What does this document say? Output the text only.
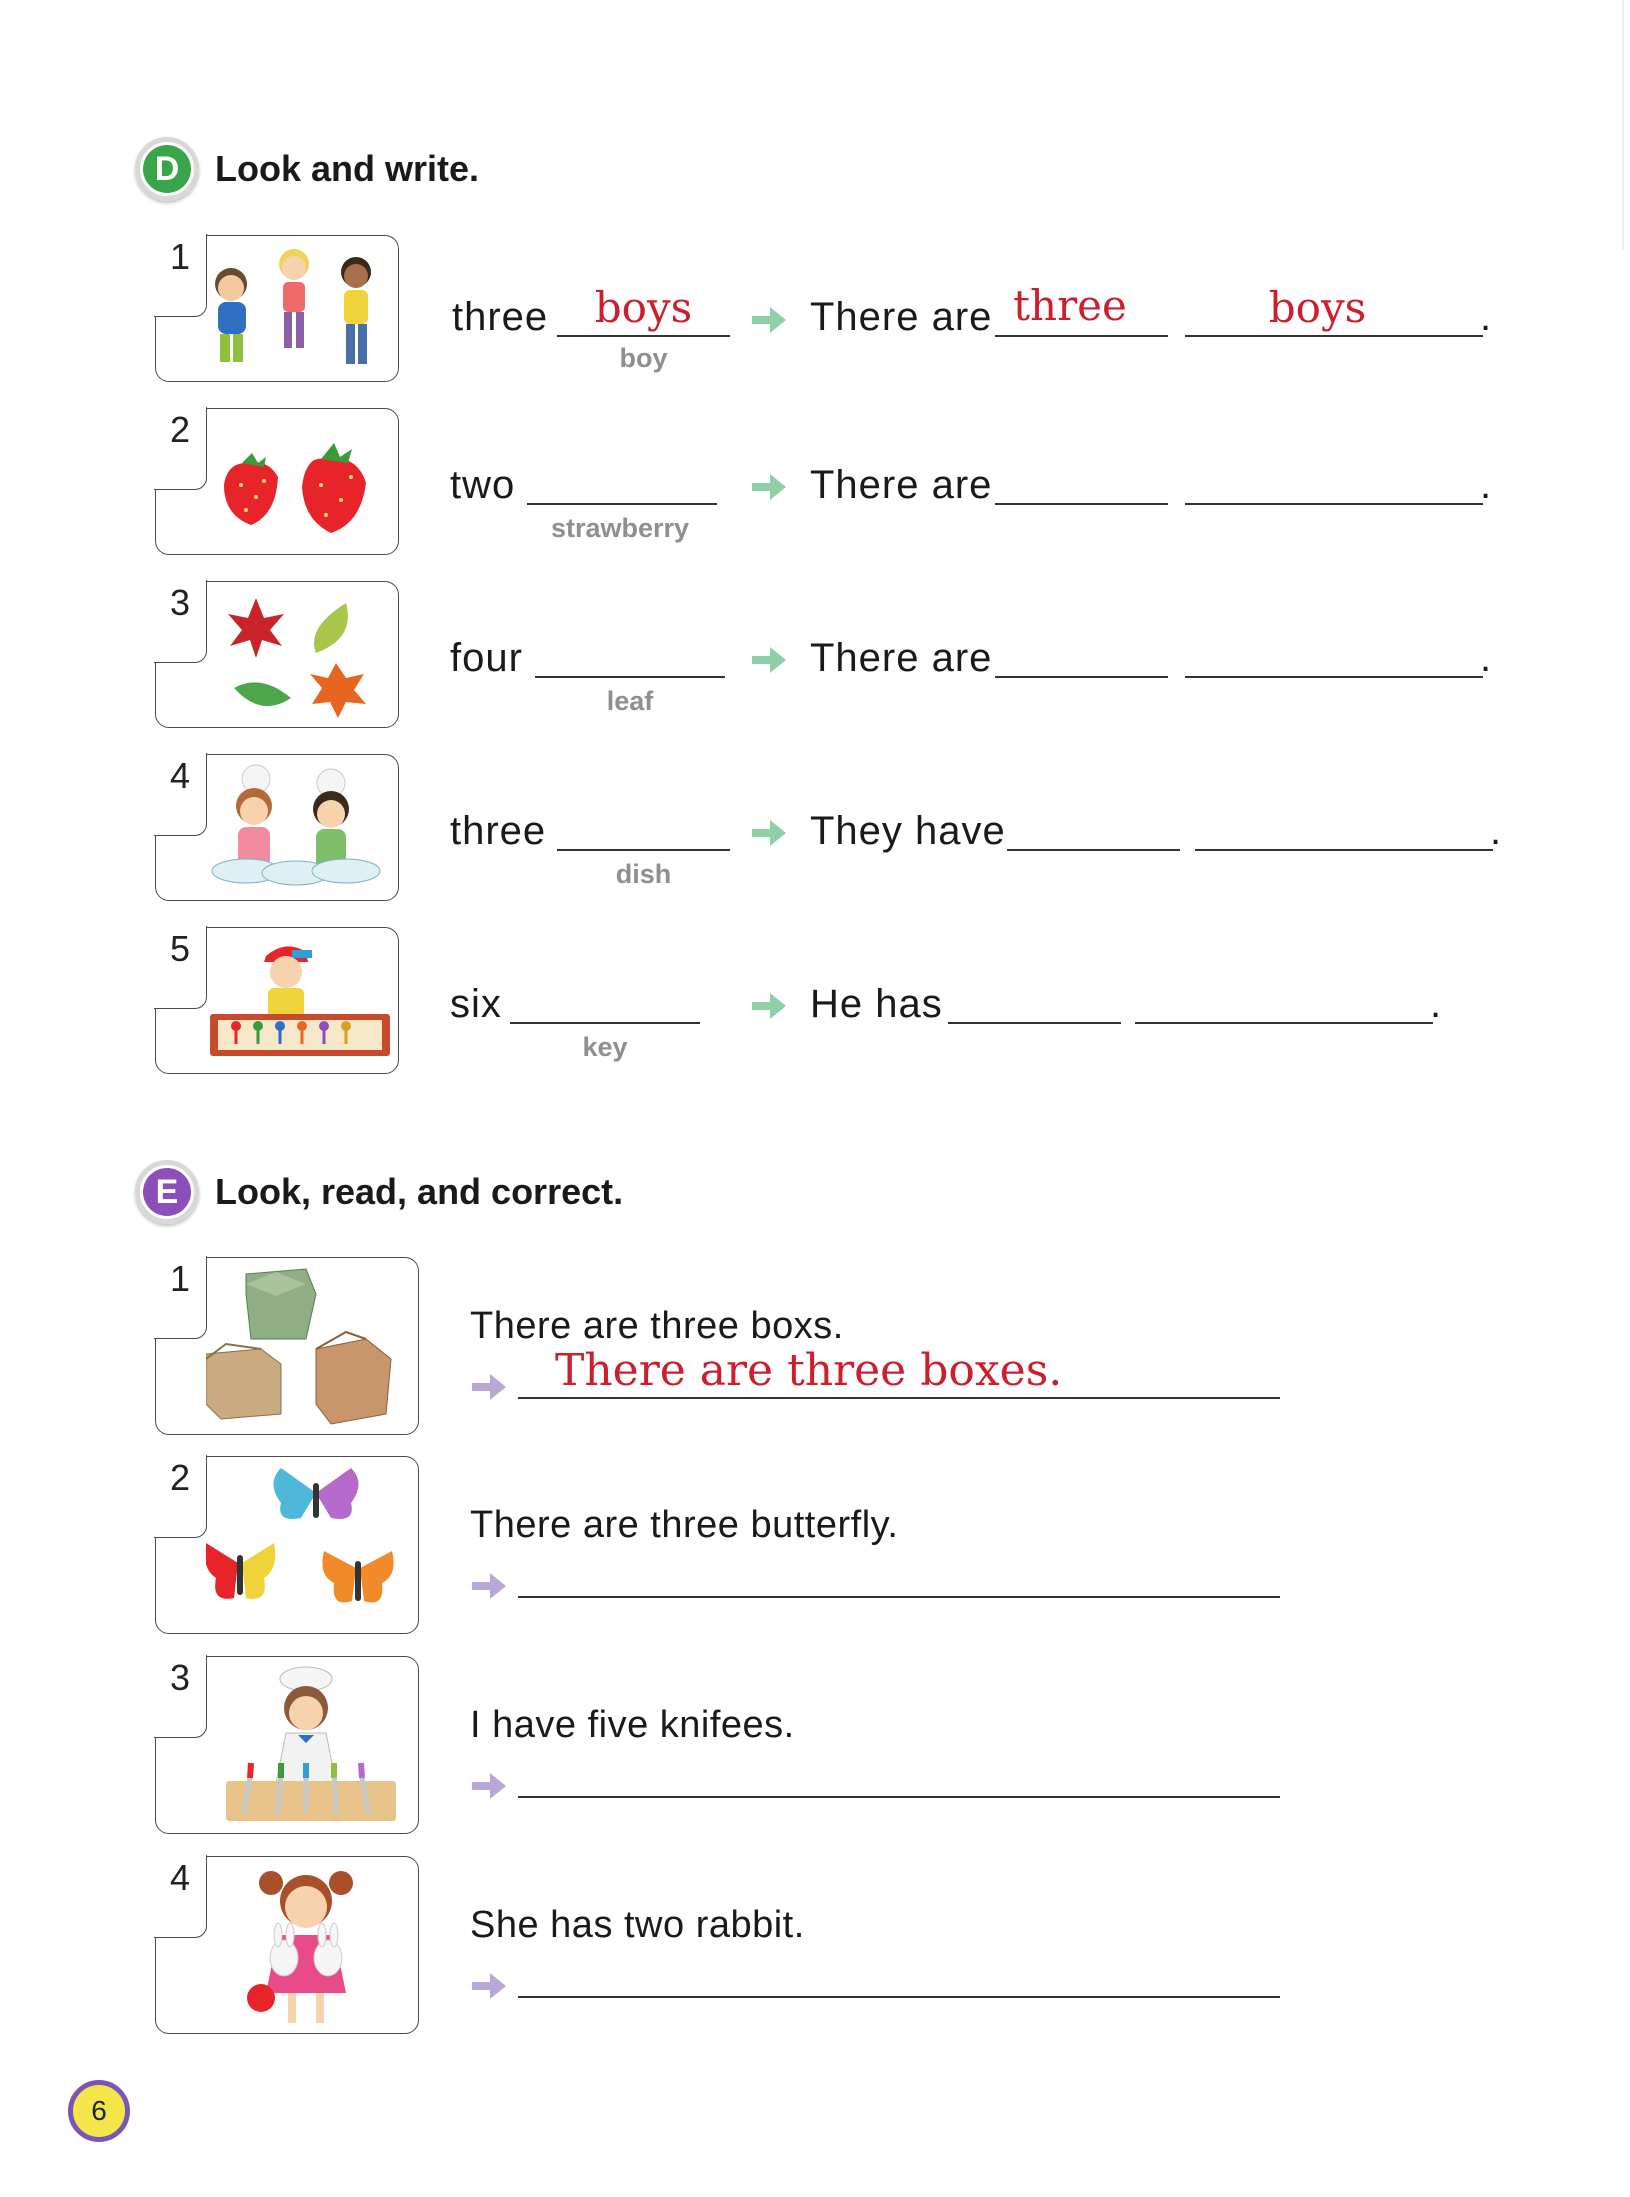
D Look and write.
1
three	boys
boy
There are three	boys	.
2
two
strawberry
There are	.
3
four
leaf
There are	.
4
three
dish
They have	.
5
six
key
He has	.
E	Look, read, and correct.
1
There are three boxs.
There are three boxes.
2
There are three butterfly.
3
I have five knifees.
4
She has two rabbit.
6
